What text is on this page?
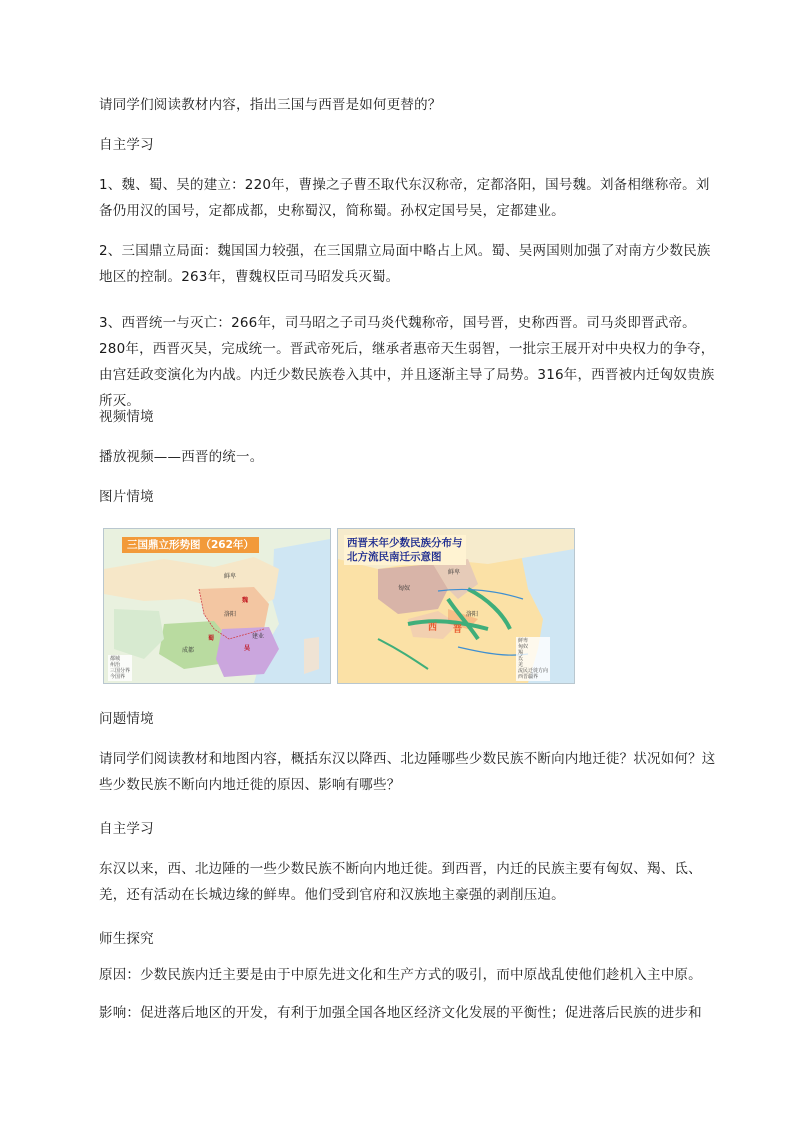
请同学们阅读教材内容，指出三国与西晋是如何更替的？

自主学习

1、魏、蜀、吴的建立：220年，曹操之子曹丕取代东汉称帝，定都洛阳，国号魏。刘备相继称帝。刘备仍用汉的国号，定都成都，史称蜀汉，简称蜀。孙权定国号吴，定都建业。

2、三国鼎立局面：魏国国力较强，在三国鼎立局面中略占上风。蜀、吴两国则加强了对南方少数民族地区的控制。263年，曹魏权臣司马昭发兵灭蜀。

3、西晋统一与灭亡：266年，司马昭之子司马炎代魏称帝，国号晋，史称西晋。司马炎即晋武帝。280年，西晋灭吴，完成统一。晋武帝死后，继承者惠帝天生弱智，一批宗王展开对中央权力的争夺，由宫廷政变演化为内战。内迁少数民族卷入其中，并且逐渐主导了局势。316年，西晋被内迁匈奴贵族所灭。

视频情境

播放视频——西晋的统一。

图片情境

三国鼎立形势图（262年）
魏
蜀
吴
洛阳
成都
建业
鲜卑
都城
州治
三国分界
今国界
西晋末年少数民族分布与
北方流民南迁示意图
西 晋
洛阳
鲜卑
匈奴
鲜卑
匈奴
羯
氐
羌
流民迁徙方向
西晋疆界

问题情境

请同学们阅读教材和地图内容，概括东汉以降西、北边陲哪些少数民族不断向内地迁徙？状况如何？这些少数民族不断向内地迁徙的原因、影响有哪些？

自主学习

东汉以来，西、北边陲的一些少数民族不断向内地迁徙。到西晋，内迁的民族主要有匈奴、羯、氐、羌，还有活动在长城边缘的鲜卑。他们受到官府和汉族地主豪强的剥削压迫。

师生探究

原因：少数民族内迁主要是由于中原先进文化和生产方式的吸引，而中原战乱使他们趁机入主中原。

影响：促进落后地区的开发，有利于加强全国各地区经济文化发展的平衡性；促进落后民族的进步和
